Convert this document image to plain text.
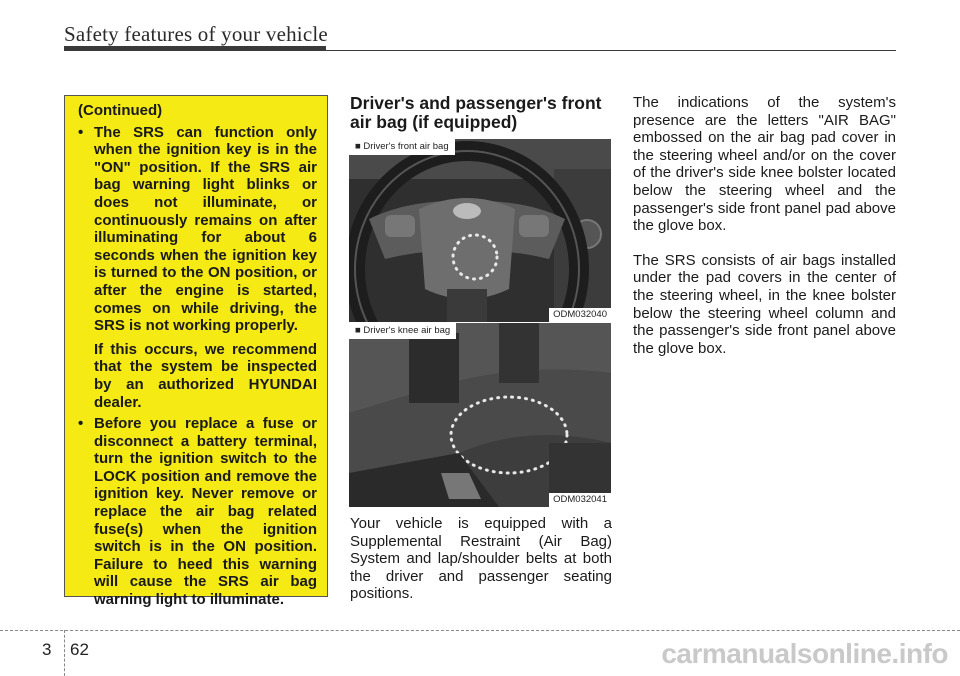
Safety features of your vehicle
(Continued)
• The SRS can function only when the ignition key is in the "ON" position. If the SRS air bag warning light blinks or does not illuminate, or continuously remains on after illuminating for about 6 seconds when the ignition key is turned to the ON position, or after the engine is started, comes on while driving, the SRS is not working properly.
If this occurs, we recommend that the system be inspected by an authorized HYUNDAI dealer.
• Before you replace a fuse or disconnect a battery terminal, turn the ignition switch to the LOCK position and remove the ignition key. Never remove or replace the air bag related fuse(s) when the ignition switch is in the ON position. Failure to heed this warning will cause the SRS air bag warning light to illuminate.
Driver's and passenger's front air bag (if equipped)
■ Driver's front air bag
ODM032040
■ Driver's knee air bag
ODM032041
Your vehicle is equipped with a Supplemental Restraint (Air Bag) System and lap/shoulder belts at both the driver and passenger seating positions.

The indications of the system's presence are the letters "AIR BAG" embossed on the air bag pad cover in the steering wheel and/or on the cover of the driver's side knee bolster located below the steering wheel and the passenger's side front panel pad above the glove box.

The SRS consists of air bags installed under the pad covers in the center of the steering wheel, in the knee bolster below the steering wheel column and the passenger's side front panel above the glove box.

3 62	carmanualsonline.info
